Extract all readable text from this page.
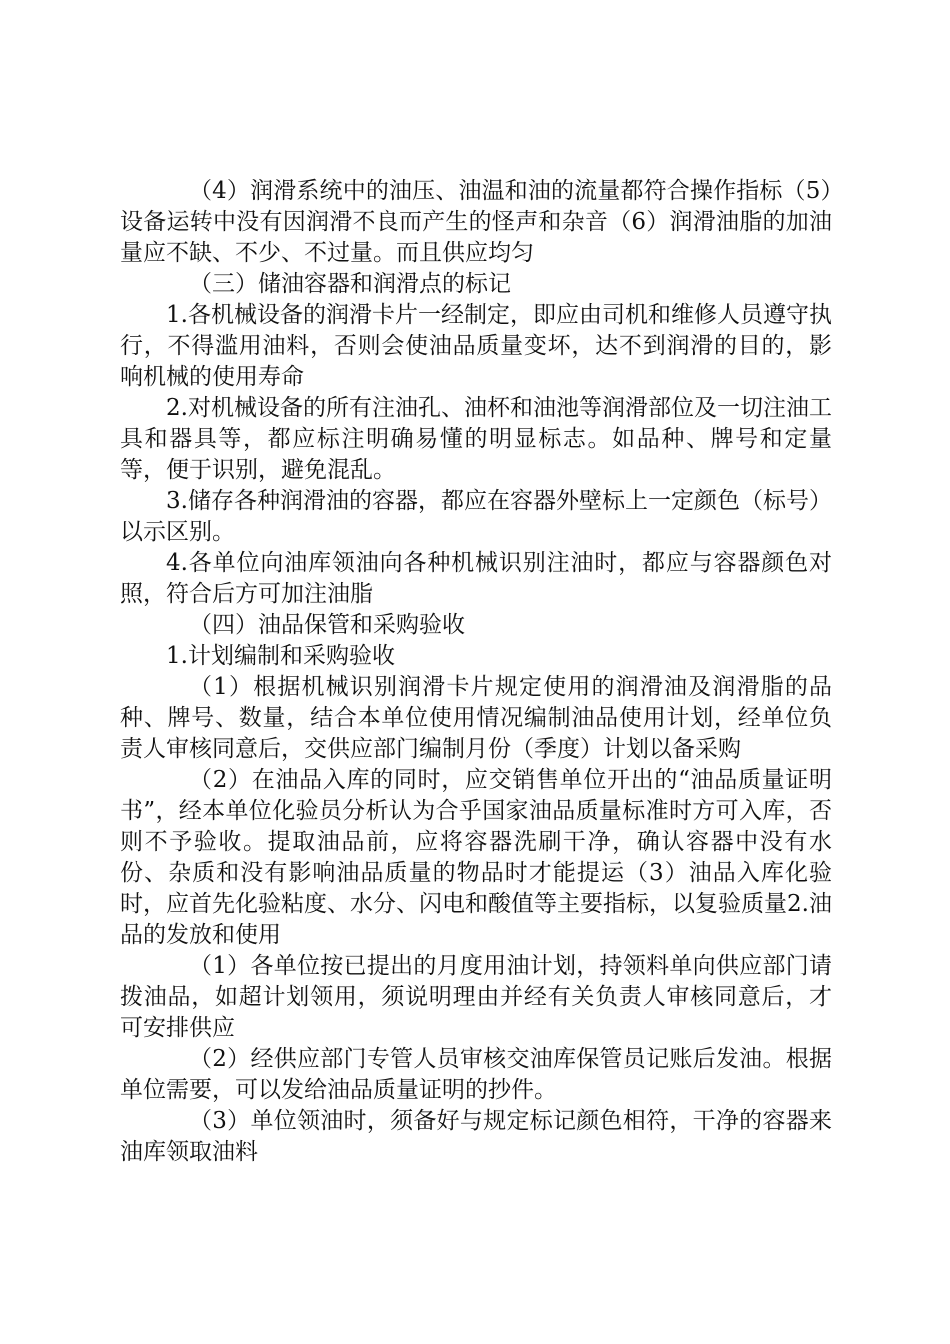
（4）润滑系统中的油压、油温和油的流量都符合操作指标（5）设备运转中没有因润滑不良而产生的怪声和杂音（6）润滑油脂的加油量应不缺、不少、不过量。而且供应均匀

（三）储油容器和润滑点的标记

1.各机械设备的润滑卡片一经制定，即应由司机和维修人员遵守执行，不得滥用油料，否则会使油品质量变坏，达不到润滑的目的，影响机械的使用寿命

2.对机械设备的所有注油孔、油杯和油池等润滑部位及一切注油工具和器具等，都应标注明确易懂的明显标志。如品种、牌号和定量等，便于识别，避免混乱。

3.储存各种润滑油的容器，都应在容器外壁标上一定颜色（标号）以示区别。

4.各单位向油库领油向各种机械识别注油时，都应与容器颜色对照，符合后方可加注油脂

（四）油品保管和采购验收

1.计划编制和采购验收

（1）根据机械识别润滑卡片规定使用的润滑油及润滑脂的品种、牌号、数量，结合本单位使用情况编制油品使用计划，经单位负责人审核同意后，交供应部门编制月份（季度）计划以备采购

（2）在油品入库的同时，应交销售单位开出的“油品质量证明书”，经本单位化验员分析认为合乎国家油品质量标准时方可入库，否则不予验收。提取油品前，应将容器洗刷干净，确认容器中没有水份、杂质和没有影响油品质量的物品时才能提运（3）油品入库化验时，应首先化验粘度、水分、闪电和酸值等主要指标，以复验质量2.油品的发放和使用

（1）各单位按已提出的月度用油计划，持领料单向供应部门请拨油品，如超计划领用，须说明理由并经有关负责人审核同意后，才可安排供应

（2）经供应部门专管人员审核交油库保管员记账后发油。根据单位需要，可以发给油品质量证明的抄件。

（3）单位领油时，须备好与规定标记颜色相符，干净的容器来油库领取油料
